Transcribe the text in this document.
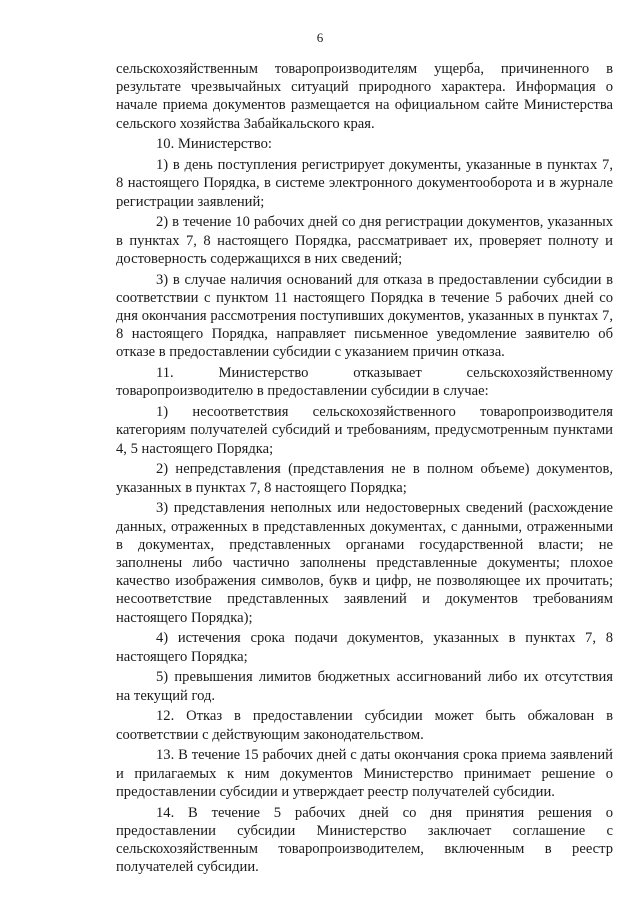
6

сельскохозяйственным товаропроизводителям ущерба, причиненного в результате чрезвычайных ситуаций природного характера. Информация о начале приема документов размещается на официальном сайте Министерства сельского хозяйства Забайкальского края.

10. Министерство:

1) в день поступления регистрирует документы, указанные в пунктах 7, 8 настоящего Порядка, в системе электронного документооборота и в журнале регистрации заявлений;

2) в течение 10 рабочих дней со дня регистрации документов, указанных в пунктах 7, 8 настоящего Порядка, рассматривает их, проверяет полноту и достоверность содержащихся в них сведений;

3) в случае наличия оснований для отказа в предоставлении субсидии в соответствии с пунктом 11 настоящего Порядка в течение 5 рабочих дней со дня окончания рассмотрения поступивших документов, указанных в пунктах 7, 8 настоящего Порядка, направляет письменное уведомление заявителю об отказе в предоставлении субсидии с указанием причин отказа.

11. Министерство отказывает сельскохозяйственному товаропроизводителю в предоставлении субсидии в случае:

1) несоответствия сельскохозяйственного товаропроизводителя категориям получателей субсидий и требованиям, предусмотренным пунктами 4, 5 настоящего Порядка;

2) непредставления (представления не в полном объеме) документов, указанных в пунктах 7, 8 настоящего Порядка;

3) представления неполных или недостоверных сведений (расхождение данных, отраженных в представленных документах, с данными, отраженными в документах, представленных органами государственной власти; не заполнены либо частично заполнены представленные документы; плохое качество изображения символов, букв и цифр, не позволяющее их прочитать; несоответствие представленных заявлений и документов требованиям настоящего Порядка);

4) истечения срока подачи документов, указанных в пунктах 7, 8 настоящего Порядка;

5) превышения лимитов бюджетных ассигнований либо их отсутствия на текущий год.

12. Отказ в предоставлении субсидии может быть обжалован в соответствии с действующим законодательством.

13. В течение 15 рабочих дней с даты окончания срока приема заявлений и прилагаемых к ним документов Министерство принимает решение о предоставлении субсидии и утверждает реестр получателей субсидии.

14. В течение 5 рабочих дней со дня принятия решения о предоставлении субсидии Министерство заключает соглашение с сельскохозяйственным товаропроизводителем, включенным в реестр получателей субсидии.
